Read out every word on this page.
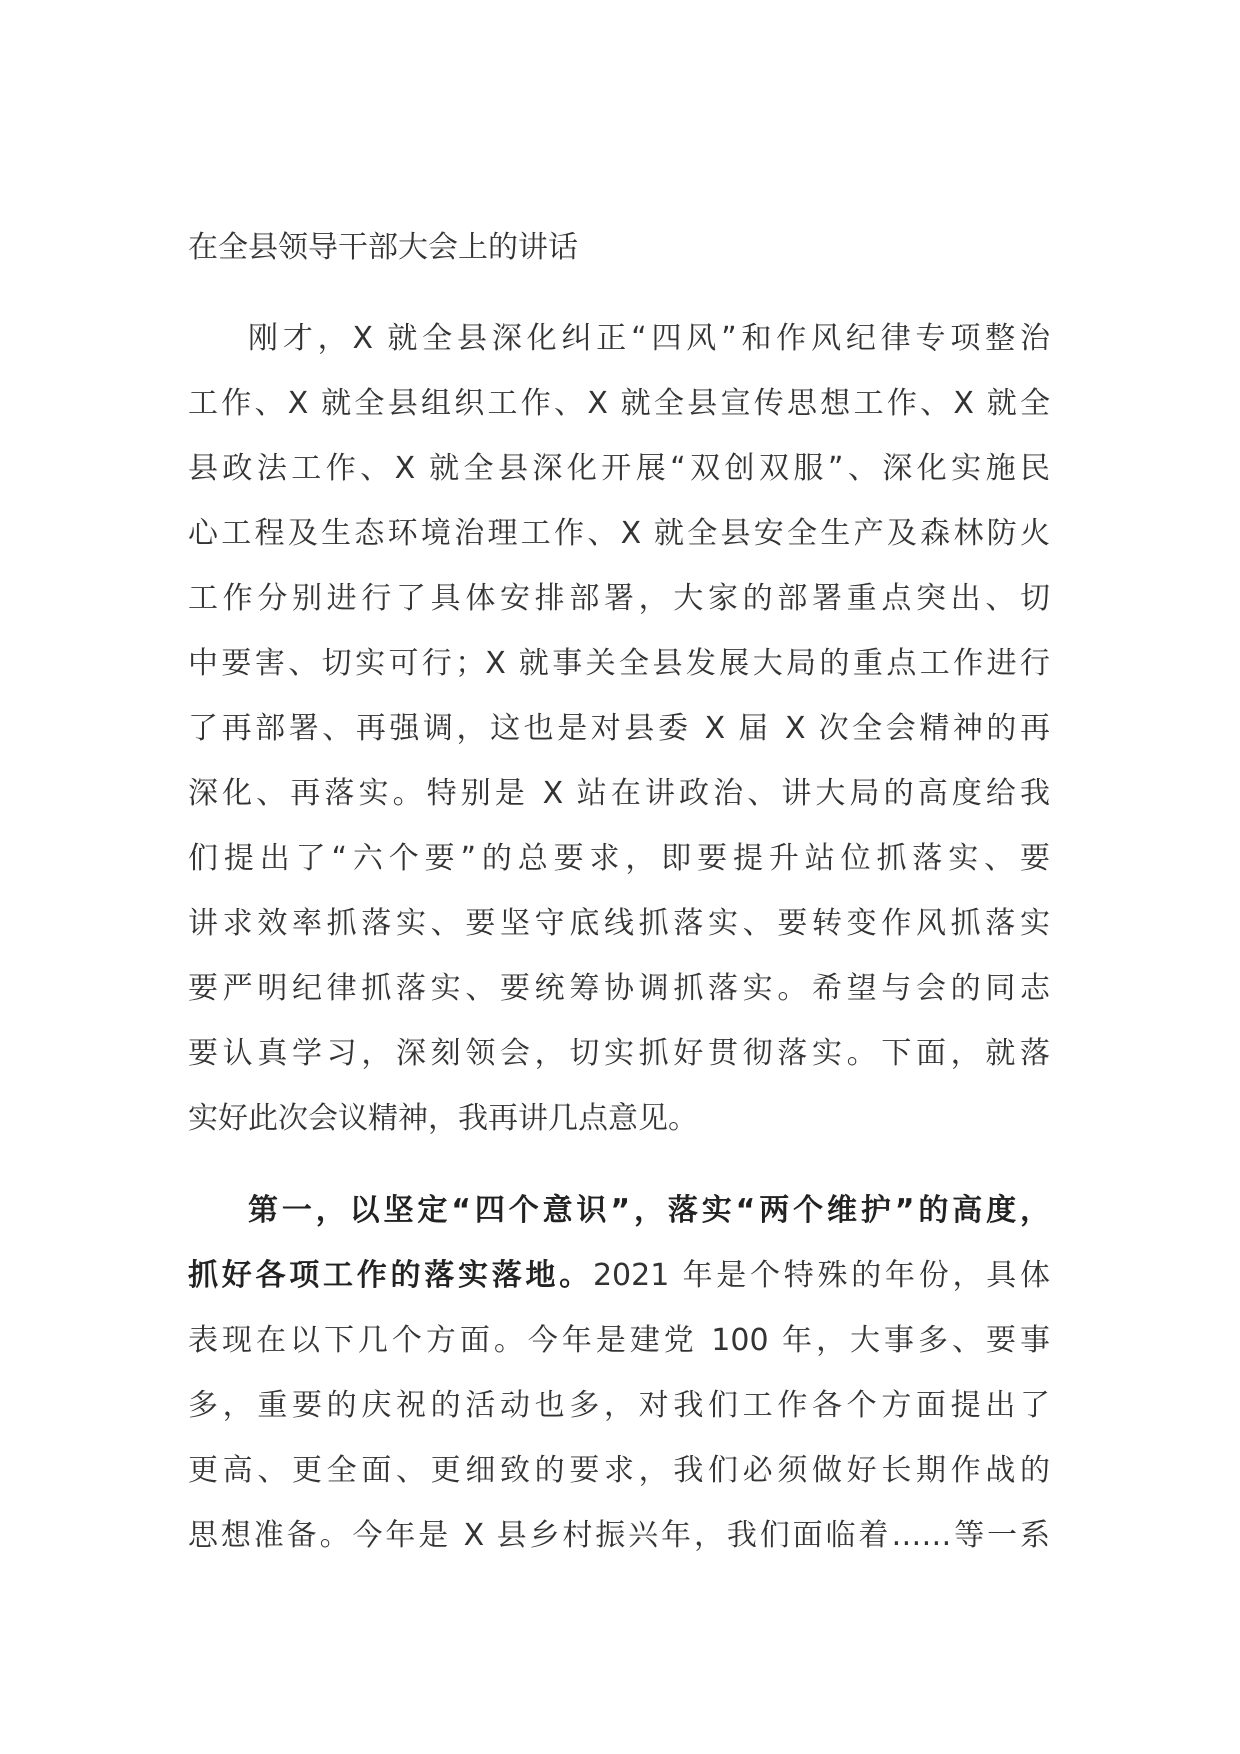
在全县领导干部大会上的讲话
刚才，X 就全县深化纠正“四风”和作风纪律专项整治
工作、X 就全县组织工作、X 就全县宣传思想工作、X 就全
县政法工作、X 就全县深化开展“双创双服”、深化实施民
心工程及生态环境治理工作、X 就全县安全生产及森林防火
工作分别进行了具体安排部署，大家的部署重点突出、切
中要害、切实可行；X 就事关全县发展大局的重点工作进行
了再部署、再强调，这也是对县委 X 届 X 次全会精神的再
深化、再落实。特别是 X 站在讲政治、讲大局的高度给我
们提出了“六个要”的总要求，即要提升站位抓落实、要
讲求效率抓落实、要坚守底线抓落实、要转变作风抓落实
要严明纪律抓落实、要统筹协调抓落实。希望与会的同志
要认真学习，深刻领会，切实抓好贯彻落实。下面，就落
实好此次会议精神，我再讲几点意见。
第一，以坚定“四个意识”，落实“两个维护”的高度，
抓好各项工作的落实落地。2021 年是个特殊的年份，具体
表现在以下几个方面。今年是建党 100 年，大事多、要事
多，重要的庆祝的活动也多，对我们工作各个方面提出了
更高、更全面、更细致的要求，我们必须做好长期作战的
思想准备。今年是 X 县乡村振兴年，我们面临着……等一系
